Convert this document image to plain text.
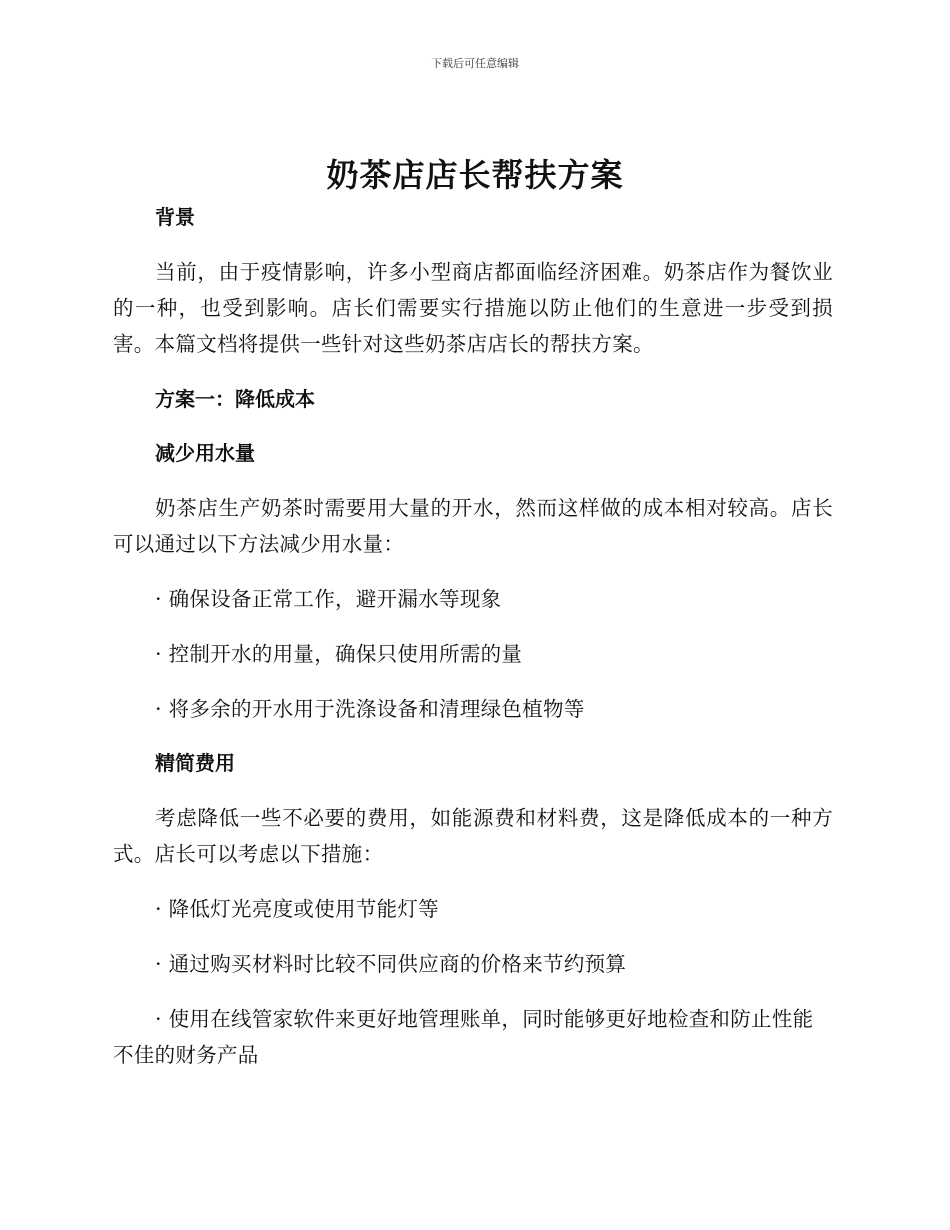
下载后可任意编辑
奶茶店店长帮扶方案

背景

当前，由于疫情影响，许多小型商店都面临经济困难。奶茶店作为餐饮业的一种，也受到影响。店长们需要实行措施以防止他们的生意进一步受到损害。本篇文档将提供一些针对这些奶茶店店长的帮扶方案。

方案一：降低成本

减少用水量

奶茶店生产奶茶时需要用大量的开水，然而这样做的成本相对较高。店长可以通过以下方法减少用水量：

· 确保设备正常工作，避开漏水等现象

· 控制开水的用量，确保只使用所需的量

· 将多余的开水用于洗涤设备和清理绿色植物等

精简费用

考虑降低一些不必要的费用，如能源费和材料费，这是降低成本的一种方式。店长可以考虑以下措施：

· 降低灯光亮度或使用节能灯等

· 通过购买材料时比较不同供应商的价格来节约预算

· 使用在线管家软件来更好地管理账单，同时能够更好地检查和防止性能不佳的财务产品
